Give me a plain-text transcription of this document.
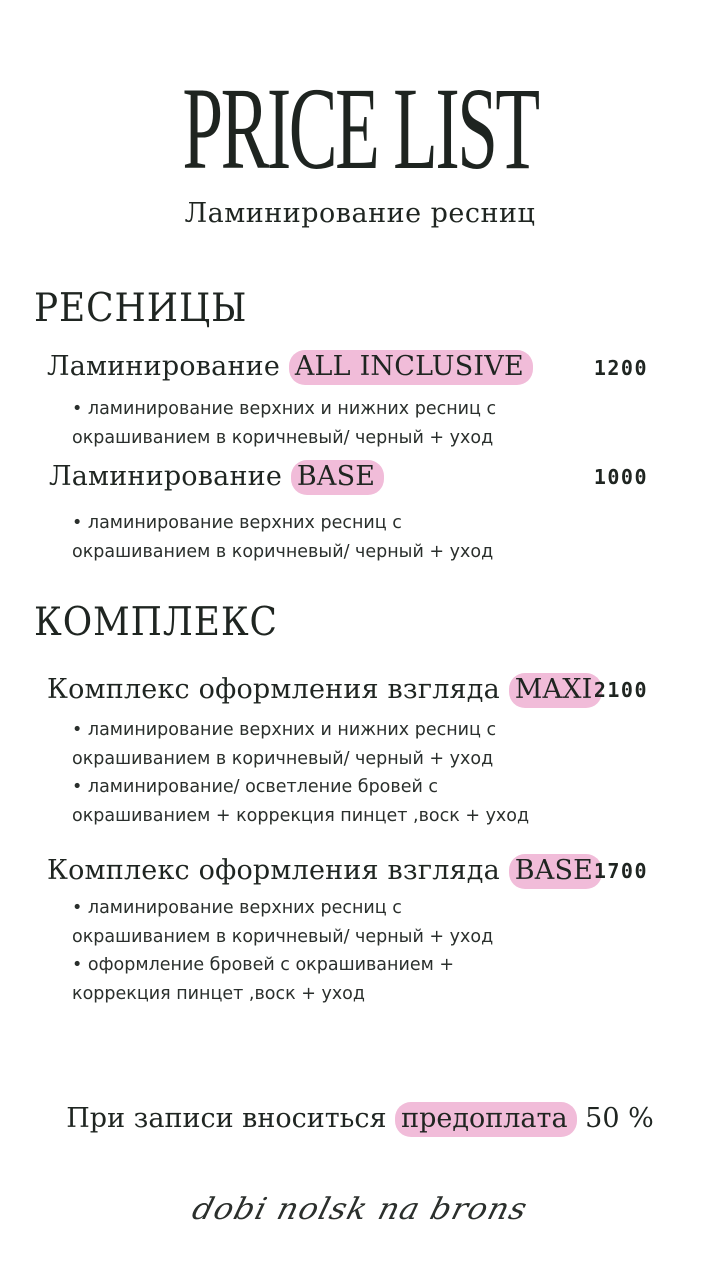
PRICE LIST
Ламинирование ресниц
РЕСНИЦЫ
Ламинирование ALL INCLUSIVE	1200
• ламинирование верхних и нижних ресниц с
окрашиванием в коричневый/ черный + уход
Ламинирование BASE	1000
• ламинирование верхних ресниц с
окрашиванием в коричневый/ черный + уход
КОМПЛЕКС
Комплекс оформления взгляда MAXI 2100
• ламинирование верхних и нижних ресниц с
окрашиванием в коричневый/ черный + уход
• ламинирование/ осветление бровей с
окрашиванием + коррекция пинцет ,воск + уход
Комплекс оформления взгляда BASE 1700
• ламинирование верхних ресниц с
окрашиванием в коричневый/ черный + уход
• оформление бровей с окрашиванием +
коррекция пинцет ,воск + уход
При записи вноситься предоплата 50 %
dobi nolsk na brons
